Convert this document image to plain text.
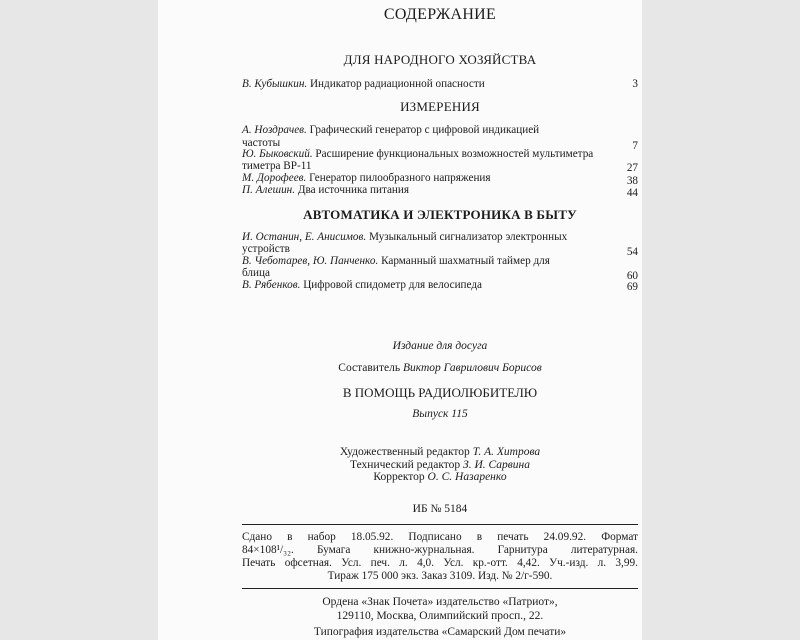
СОДЕРЖАНИЕ
ДЛЯ НАРОДНОГО ХОЗЯЙСТВА
В. Кубышкин. Индикатор радиационной опасности	3
ИЗМЕРЕНИЯ
А. Ноздрачев. Графический генератор с цифровой индикацией
частоты	7
Ю. Быковский. Расширение функциональных возможностей мультиметра
тиметра ВР-11	27
М. Дорофеев. Генератор пилообразного напряжения	38
П. Алешин. Два источника питания	44
АВТОМАТИКА И ЭЛЕКТРОНИКА В БЫТУ
И. Останин, Е. Анисимов. Музыкальный сигнализатор электронных
устройств	54
В. Чеботарев, Ю. Панченко. Карманный шахматный таймер для
блица	60
В. Рябенков. Цифровой спидометр для велосипеда	69
Издание для досуга
Составитель Виктор Гаврилович Борисов
В ПОМОЩЬ РАДИОЛЮБИТЕЛЮ
Выпуск 115
Художественный редактор Т. А. Хитрова
Технический редактор З. И. Сарвина
Корректор О. С. Назаренко
ИБ № 5184
Сдано в набор 18.05.92. Подписано в печать 24.09.92. Формат
84×108¹/₃₂. Бумага книжно-журнальная. Гарнитура литературная.
Печать офсетная. Усл. печ. л. 4,0. Усл. кр.-отт. 4,42. Уч.-изд. л. 3,99.
Тираж 175 000 экз. Заказ 3109. Изд. № 2/г-590.
Ордена «Знак Почета» издательство «Патриот»,
129110, Москва, Олимпийский просп., 22.
Типография издательства «Самарский Дом печати»
